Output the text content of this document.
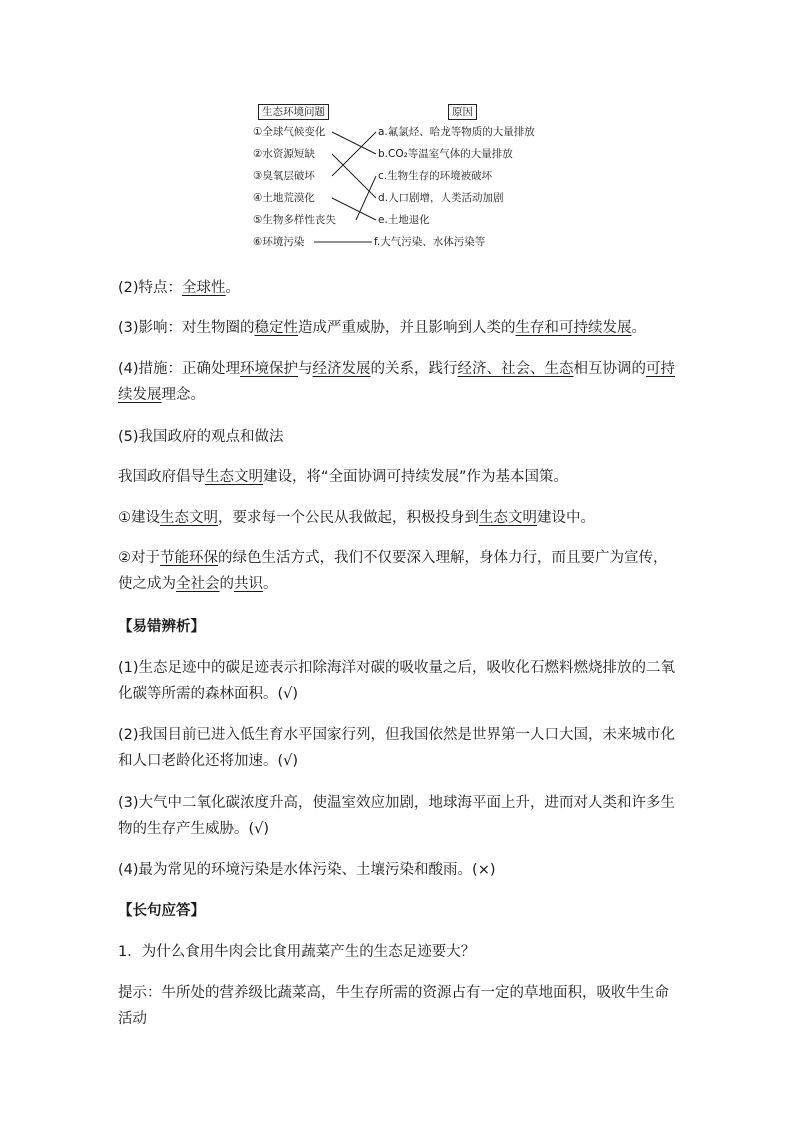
生态环境问题	原因
①全球气候变化
②水资源短缺
③臭氧层破坏
④土地荒漠化
⑤生物多样性丧失
⑥环境污染
a.氟氯烃、哈龙等物质的大量排放
b.CO₂等温室气体的大量排放
c.生物生存的环境被破坏
d.人口剧增，人类活动加剧
e.土地退化
f.大气污染、水体污染等
(2)特点：全球性。
(3)影响：对生物圈的稳定性造成严重威胁，并且影响到人类的生存和可持续发展。
(4)措施：正确处理环境保护与经济发展的关系，践行经济、社会、生态相互协调的可持续发展理念。
(5)我国政府的观点和做法
我国政府倡导生态文明建设，将“全面协调可持续发展”作为基本国策。
①建设生态文明，要求每一个公民从我做起，积极投身到生态文明建设中。
②对于节能环保的绿色生活方式，我们不仅要深入理解，身体力行，而且要广为宣传，使之成为全社会的共识。
【易错辨析】
(1)生态足迹中的碳足迹表示扣除海洋对碳的吸收量之后，吸收化石燃料燃烧排放的二氧化碳等所需的森林面积。(√)
(2)我国目前已进入低生育水平国家行列，但我国依然是世界第一人口大国，未来城市化和人口老龄化还将加速。(√)
(3)大气中二氧化碳浓度升高，使温室效应加剧，地球海平面上升，进而对人类和许多生物的生存产生威胁。(√)
(4)最为常见的环境污染是水体污染、土壤污染和酸雨。(×)
【长句应答】
1．为什么食用牛肉会比食用蔬菜产生的生态足迹要大？
提示：牛所处的营养级比蔬菜高，牛生存所需的资源占有一定的草地面积，吸收牛生命活动
